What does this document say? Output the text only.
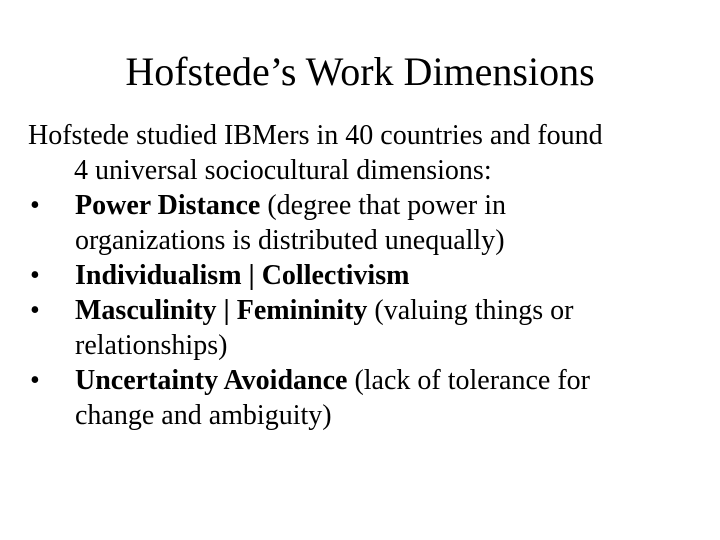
Hofstede’s Work Dimensions

Hofstede studied IBMers in 40 countries and found
4 universal sociocultural dimensions:

•	Power Distance (degree that power in
organizations is distributed unequally)
•	Individualism | Collectivism
•	Masculinity | Femininity (valuing things or
relationships)
•	Uncertainty Avoidance (lack of tolerance for
change and ambiguity)
